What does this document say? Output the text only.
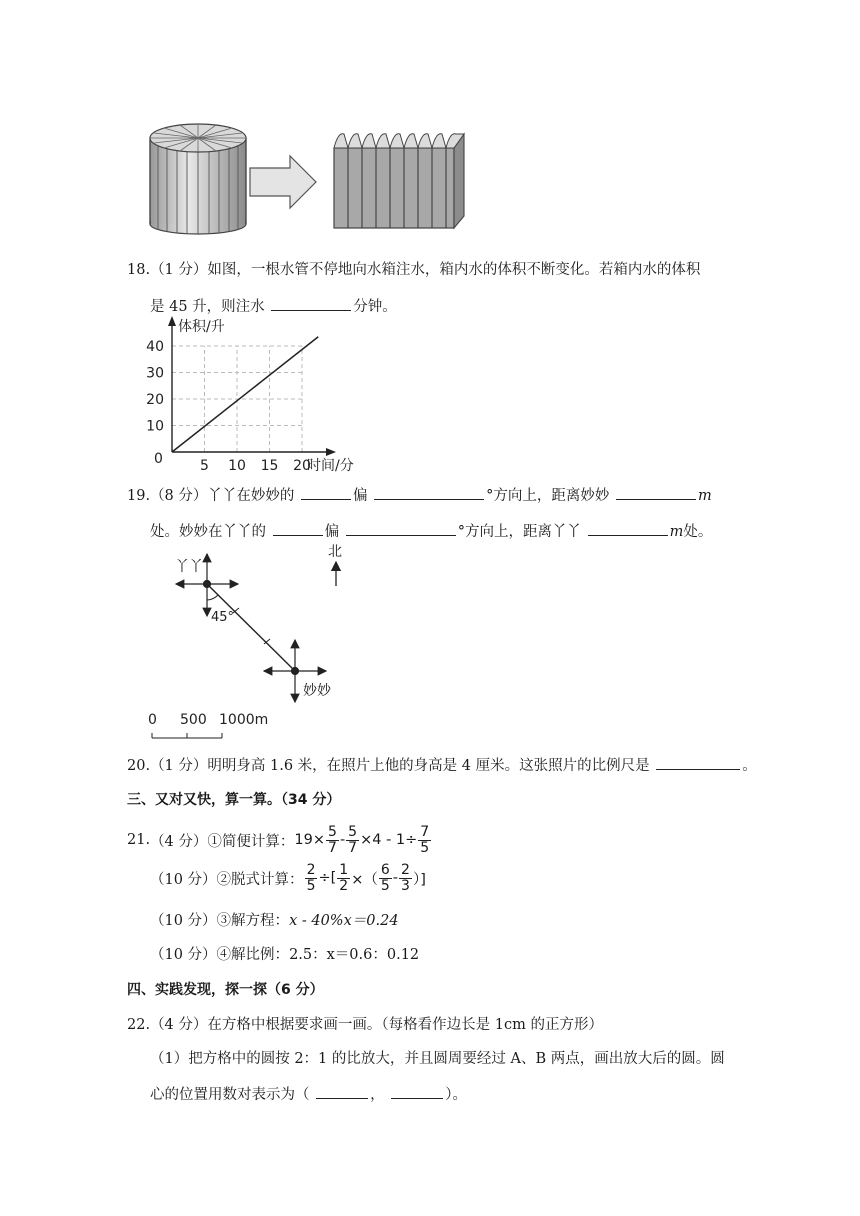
18.（1 分）如图，一根水管不停地向水箱注水，箱内水的体积不断变化。若箱内水的体积
是 45 升，则注水	分钟。
5 10 15 20
10
20
30
40
体积/升
时间/分
0
19.（8 分）丫丫在妙妙的	偏	°方向上，距离妙妙	m
处。妙妙在丫丫的	偏	°方向上，距离丫丫	m处。
北
丫丫
妙妙
45°
0 500 1000m
20.（1 分）明明身高 1.6 米，在照片上他的身高是 4 厘米。这张照片的比例尺是	。
三、又对又快，算一算。（34 分）
21. （4 分）①简便计算： $19\times \frac{5}{7} - \frac{5}{7} \times 4 - 1\div \frac{7}{5}$
（10 分）②脱式计算： $\frac{2}{5}$ ÷[ $\frac{1}{2}$ ×（ $\frac{6}{5} - \frac{2}{3}$ ）]
（10 分）③解方程：x - 40%x＝0.24
（10 分）④解比例：2.5：x＝0.6：0.12
四、实践发现，探一探（6 分）
22.（4 分）在方格中根据要求画一画。（每格看作边长是 1cm 的正方形）
（1）把方格中的圆按 2：1 的比放大，并且圆周要经过 A、B 两点，画出放大后的圆。圆
心的位置用数对表示为（	，	）。
